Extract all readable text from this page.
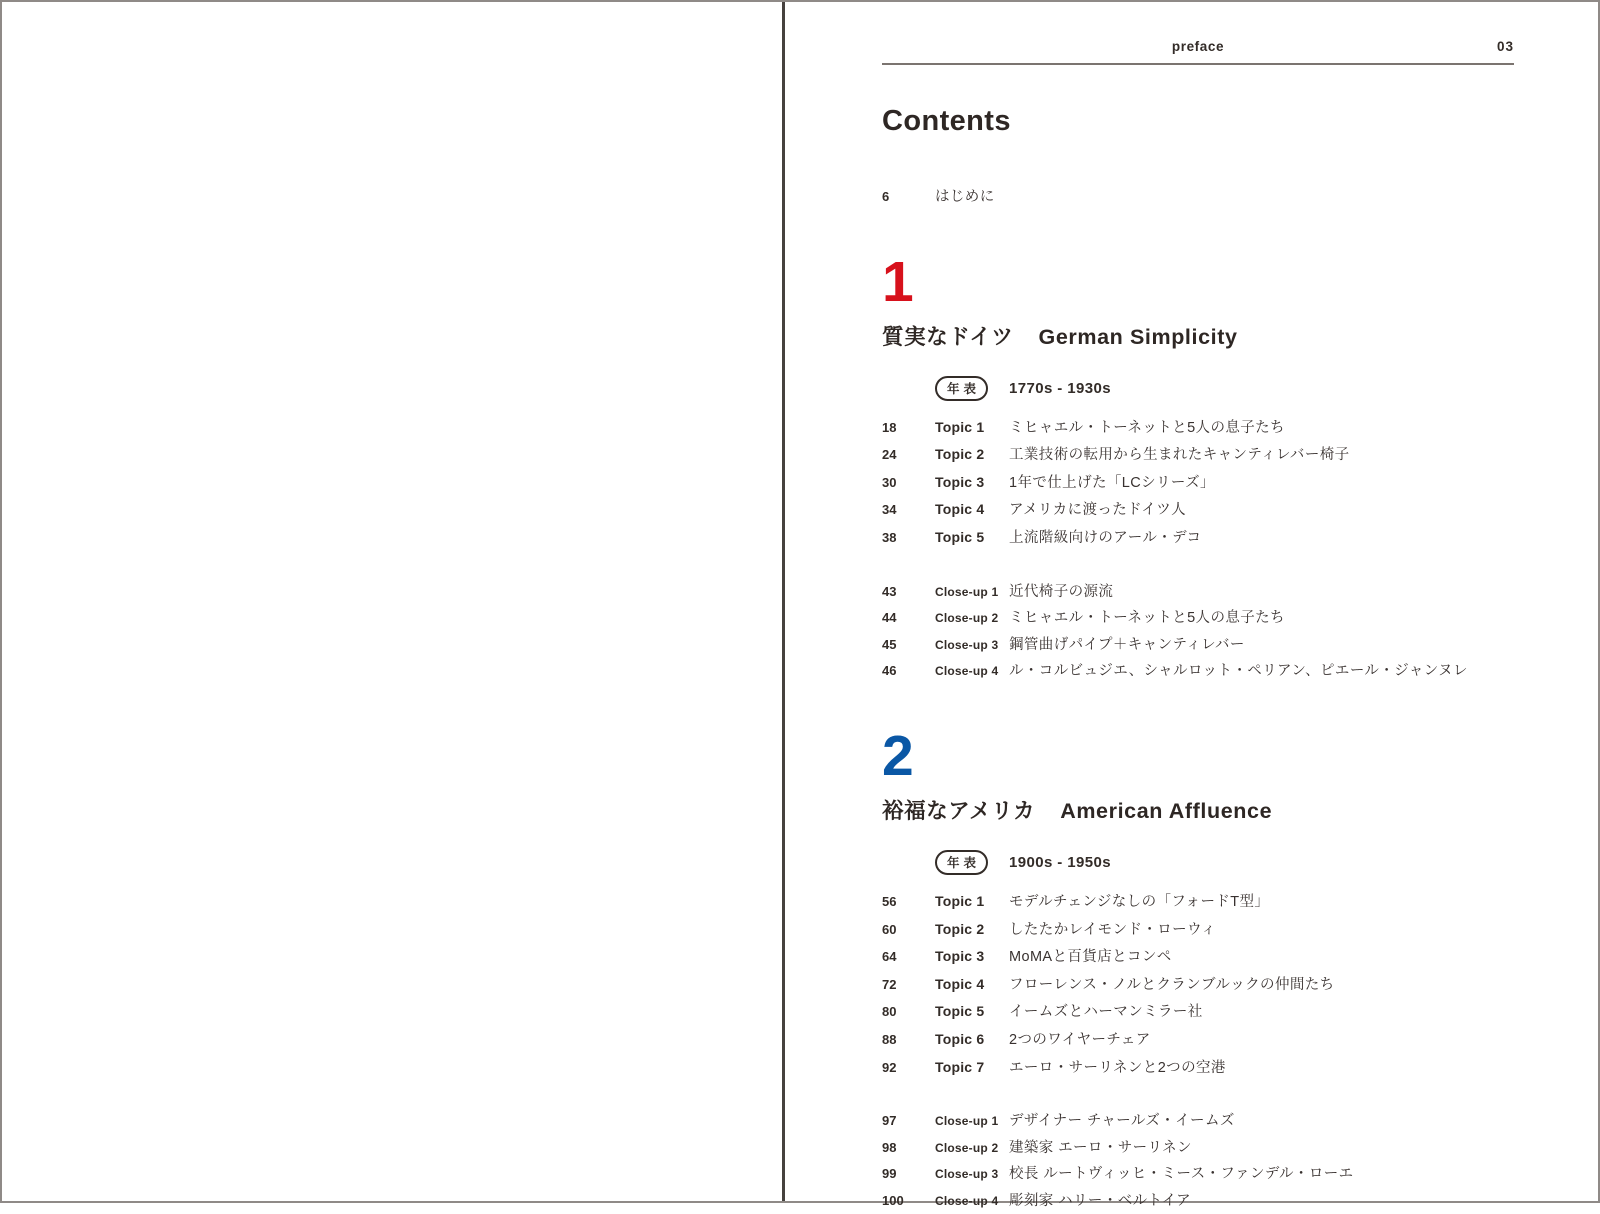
preface	03
Contents
6	はじめに
1
質実なドイツ German Simplicity
年表	1770s - 1930s
18	Topic 1	ミヒャエル・トーネットと5人の息子たち
24	Topic 2	工業技術の転用から生まれたキャンティレバー椅子
30	Topic 3	1年で仕上げた「LCシリーズ」
34	Topic 4	アメリカに渡ったドイツ人
38	Topic 5	上流階級向けのアール・デコ
43	Close-up 1 近代椅子の源流
44	Close-up 2 ミヒャエル・トーネットと5人の息子たち
45	Close-up 3 鋼管曲げパイプ＋キャンティレバー
46	Close-up 4 ル・コルビュジエ、シャルロット・ペリアン、ピエール・ジャンヌレ
2
裕福なアメリカ American Affluence
年表	1900s - 1950s
56	Topic 1	モデルチェンジなしの「フォードT型」
60	Topic 2	したたかレイモンド・ローウィ
64	Topic 3	MoMAと百貨店とコンペ
72	Topic 4	フローレンス・ノルとクランブルックの仲間たち
80	Topic 5	イームズとハーマンミラー社
88	Topic 6	2つのワイヤーチェア
92	Topic 7	エーロ・サーリネンと2つの空港
97	Close-up 1 デザイナー チャールズ・イームズ
98	Close-up 2 建築家 エーロ・サーリネン
99	Close-up 3 校長 ルートヴィッヒ・ミース・ファンデル・ローエ
100	Close-up 4 彫刻家 ハリー・ベルトイア
